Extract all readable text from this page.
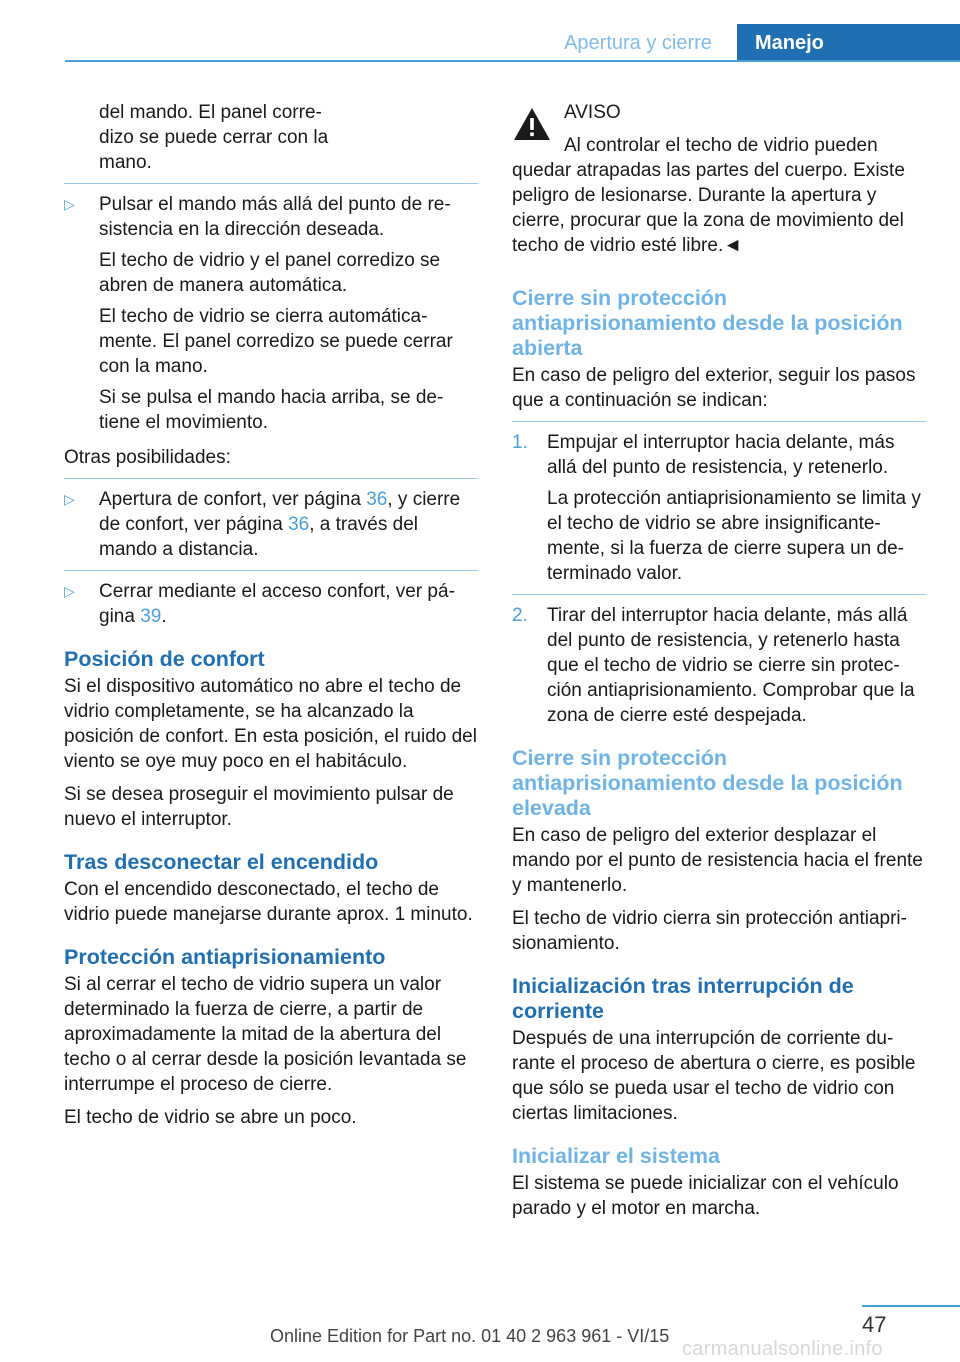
Apertura y cierre	Manejo
del mando. El panel corre-
dizo se puede cerrar con la
mano.
▷ Pulsar el mando más allá del punto de resistencia en la dirección deseada.

El techo de vidrio y el panel corredizo se abren de manera automática.

El techo de vidrio se cierra automáticamente. El panel corredizo se puede cerrar con la mano.

Si se pulsa el mando hacia arriba, se detiene el movimiento.

Otras posibilidades:

▷ Apertura de confort, ver página 36, y cierre de confort, ver página 36, a través del mando a distancia.

▷ Cerrar mediante el acceso confort, ver página 39.

Posición de confort

Si el dispositivo automático no abre el techo de vidrio completamente, se ha alcanzado la posición de confort. En esta posición, el ruido del viento se oye muy poco en el habitáculo.

Si se desea proseguir el movimiento pulsar de nuevo el interruptor.

Tras desconectar el encendido

Con el encendido desconectado, el techo de vidrio puede manejarse durante aprox. 1 minuto.

Protección antiaprisionamiento

Si al cerrar el techo de vidrio supera un valor determinado la fuerza de cierre, a partir de aproximadamente la mitad de la abertura del techo o al cerrar desde la posición levantada se interrumpe el proceso de cierre.

El techo de vidrio se abre un poco.

AVISO
Al controlar el techo de vidrio pueden

quedar atrapadas las partes del cuerpo. Existe peligro de lesionarse. Durante la apertura y cierre, procurar que la zona de movimiento del techo de vidrio esté libre.◄

Cierre sin protección antiaprisionamiento desde la posición abierta

En caso de peligro del exterior, seguir los pasos que a continuación se indican:

1. Empujar el interruptor hacia delante, más allá del punto de resistencia, y retenerlo.

La protección antiaprisionamiento se limita y el techo de vidrio se abre insignificantemente, si la fuerza de cierre supera un determinado valor.

2. Tirar del interruptor hacia delante, más allá del punto de resistencia, y retenerlo hasta que el techo de vidrio se cierre sin protección antiaprisionamiento. Comprobar que la zona de cierre esté despejada.

Cierre sin protección antiaprisionamiento desde la posición elevada

En caso de peligro del exterior desplazar el mando por el punto de resistencia hacia el frente y mantenerlo.

El techo de vidrio cierra sin protección antiaprisionamiento.

Inicialización tras interrupción de corriente

Después de una interrupción de corriente durante el proceso de abertura o cierre, es posible que sólo se pueda usar el techo de vidrio con ciertas limitaciones.

Inicializar el sistema

El sistema se puede inicializar con el vehículo parado y el motor en marcha.

47
Online Edition for Part no. 01 40 2 963 961 - VI/15
carmanualsonline.info
